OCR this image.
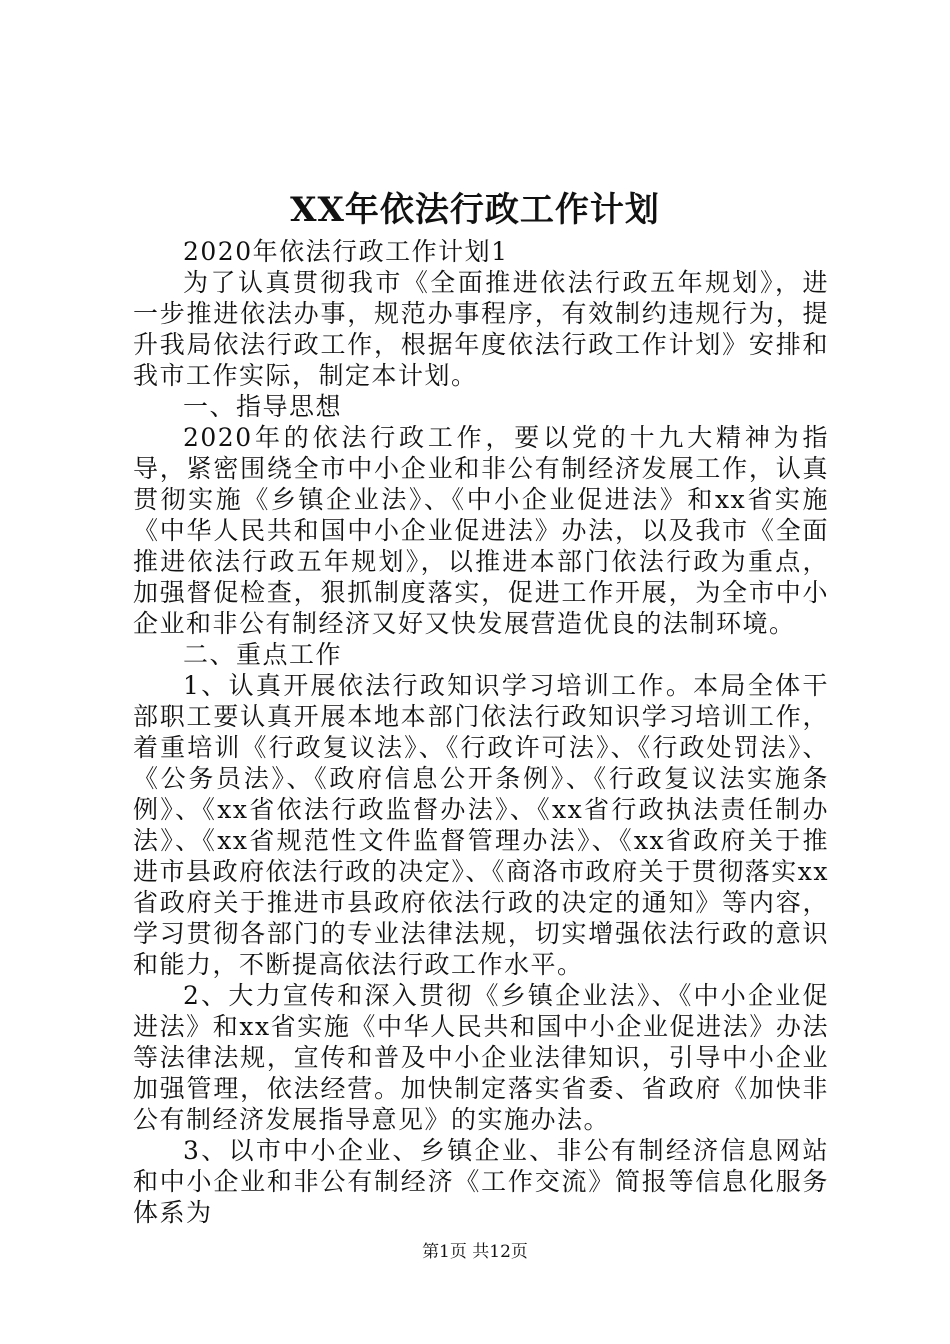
XX年依法行政工作计划

2020年依法行政工作计划1

为了认真贯彻我市《全面推进依法行政五年规划》，进一步推进依法办事，规范办事程序，有效制约违规行为，提升我局依法行政工作，根据年度依法行政工作计划》安排和我市工作实际，制定本计划。

一、指导思想

2020年的依法行政工作，要以党的十九大精神为指导，紧密围绕全市中小企业和非公有制经济发展工作，认真贯彻实施《乡镇企业法》、《中小企业促进法》和xx省实施《中华人民共和国中小企业促进法》办法，以及我市《全面推进依法行政五年规划》，以推进本部门依法行政为重点，加强督促检查，狠抓制度落实，促进工作开展，为全市中小企业和非公有制经济又好又快发展营造优良的法制环境。

二、重点工作

1、认真开展依法行政知识学习培训工作。本局全体干部职工要认真开展本地本部门依法行政知识学习培训工作，着重培训《行政复议法》、《行政许可法》、《行政处罚法》、《公务员法》、《政府信息公开条例》、《行政复议法实施条例》、《xx省依法行政监督办法》、《xx省行政执法责任制办法》、《xx省规范性文件监督管理办法》、《xx省政府关于推进市县政府依法行政的决定》、《商洛市政府关于贯彻落实xx省政府关于推进市县政府依法行政的决定的通知》等内容，学习贯彻各部门的专业法律法规，切实增强依法行政的意识和能力，不断提高依法行政工作水平。

2、大力宣传和深入贯彻《乡镇企业法》、《中小企业促进法》和xx省实施《中华人民共和国中小企业促进法》办法等法律法规，宣传和普及中小企业法律知识，引导中小企业加强管理，依法经营。加快制定落实省委、省政府《加快非公有制经济发展指导意见》的实施办法。

3、以市中小企业、乡镇企业、非公有制经济信息网站和中小企业和非公有制经济《工作交流》简报等信息化服务体系为

第1页 共12页
